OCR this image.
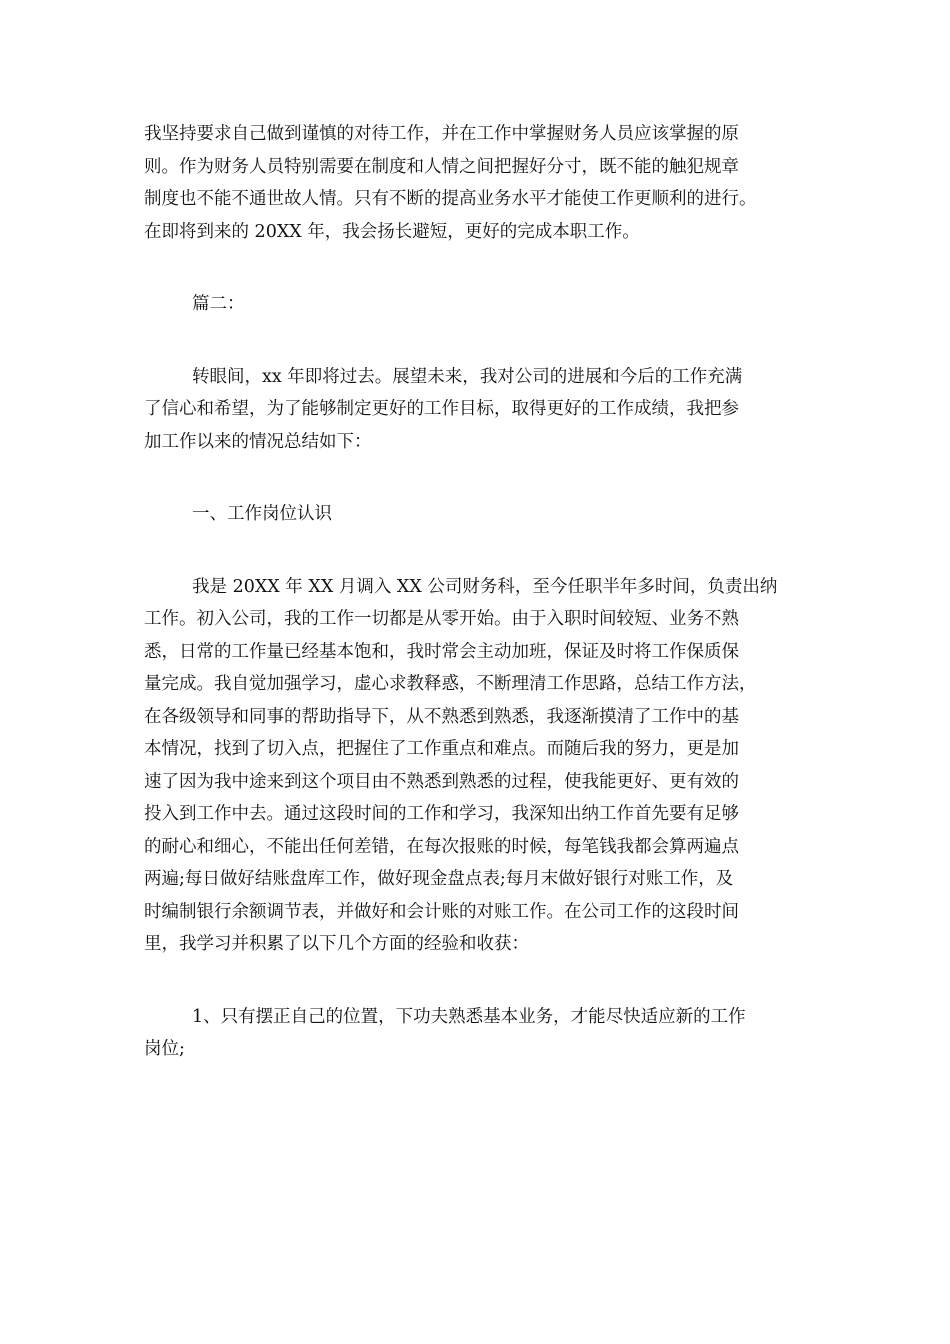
我坚持要求自己做到谨慎的对待工作，并在工作中掌握财务人员应该掌握的原
则。作为财务人员特别需要在制度和人情之间把握好分寸，既不能的触犯规章
制度也不能不通世故人情。只有不断的提高业务水平才能使工作更顺利的进行。
在即将到来的 20XX 年，我会扬长避短，更好的完成本职工作。

篇二：

转眼间，xx 年即将过去。展望未来，我对公司的进展和今后的工作充满
了信心和希望，为了能够制定更好的工作目标，取得更好的工作成绩，我把参
加工作以来的情况总结如下：

一、工作岗位认识

我是 20XX 年 XX 月调入 XX 公司财务科，至今任职半年多时间，负责出纳
工作。初入公司，我的工作一切都是从零开始。由于入职时间较短、业务不熟
悉，日常的工作量已经基本饱和，我时常会主动加班，保证及时将工作保质保
量完成。我自觉加强学习，虚心求教释惑，不断理清工作思路，总结工作方法，
在各级领导和同事的帮助指导下，从不熟悉到熟悉，我逐渐摸清了工作中的基
本情况，找到了切入点，把握住了工作重点和难点。而随后我的努力，更是加
速了因为我中途来到这个项目由不熟悉到熟悉的过程，使我能更好、更有效的
投入到工作中去。通过这段时间的工作和学习，我深知出纳工作首先要有足够
的耐心和细心，不能出任何差错，在每次报账的时候，每笔钱我都会算两遍点
两遍;每日做好结账盘库工作，做好现金盘点表;每月末做好银行对账工作，及
时编制银行余额调节表，并做好和会计账的对账工作。在公司工作的这段时间
里，我学习并积累了以下几个方面的经验和收获：

1、只有摆正自己的位置，下功夫熟悉基本业务，才能尽快适应新的工作
岗位;
